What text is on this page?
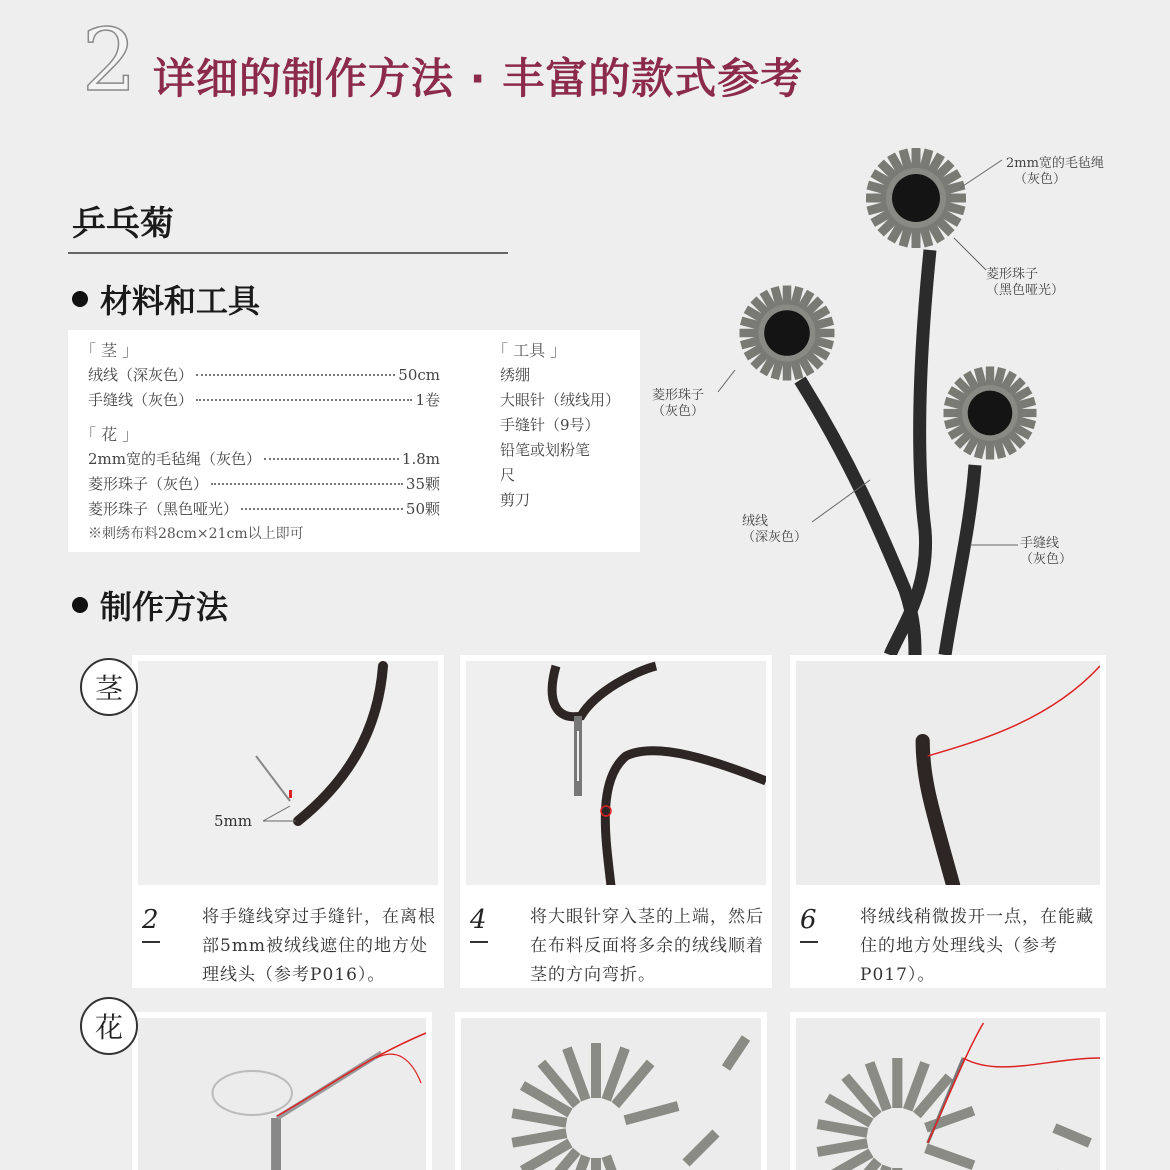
2 详细的制作方法 · 丰富的款式参考
乒乓菊
材料和工具
「 茎 」
绒线（深灰色）	50cm
手缝线（灰色）	1卷
「 花 」
2mm宽的毛毡绳（灰色）	1.8m
菱形珠子（灰色）	35颗
菱形珠子（黑色哑光）	50颗
※刺绣布料28cm×21cm以上即可
「 工具 」
绣绷
大眼针（绒线用）
手缝针（9号）
铅笔或划粉笔
尺
剪刀
2mm宽的毛毡绳
（灰色）
菱形珠子
（黑色哑光）
菱形珠子
（灰色）
绒线
（深灰色）	手缝线
（灰色）
制作方法
5mm
2	将手缝线穿过手缝针，在离根部5mm被绒线遮住的地方处理线头（参考P016）。
4	将大眼针穿入茎的上端，然后在布料反面将多余的绒线顺着茎的方向弯折。
6	将绒线稍微拨开一点，在能藏住的地方处理线头（参考P017）。
茎
花
